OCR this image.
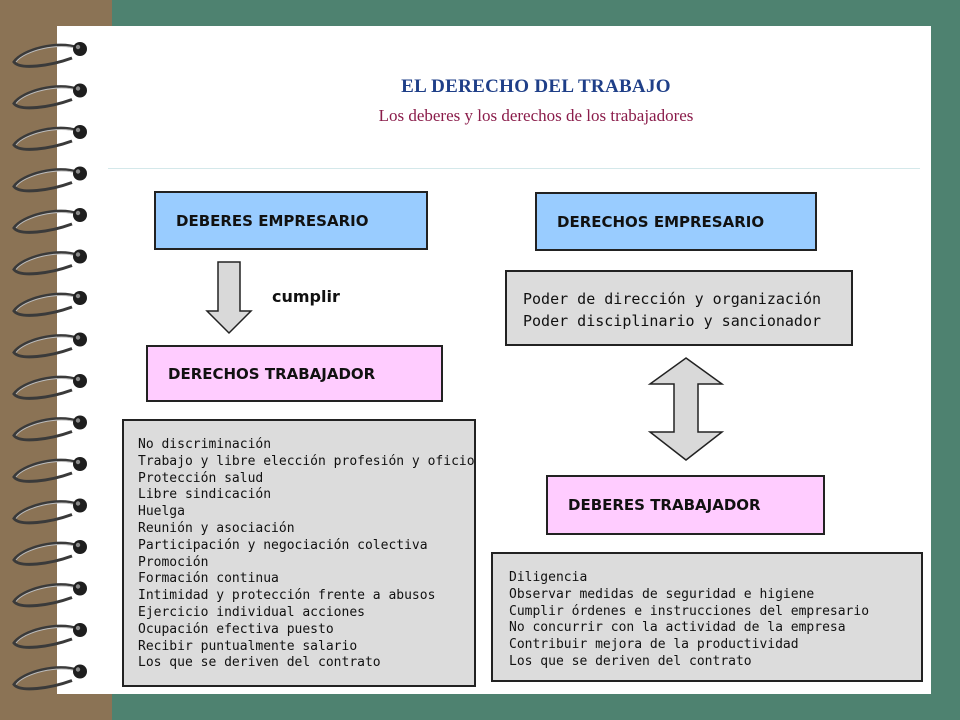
EL DERECHO DEL TRABAJO
Los deberes y los derechos de los trabajadores
DEBERES EMPRESARIO
cumplir
DERECHOS TRABAJADOR
No discriminación
Trabajo y libre elección profesión y oficio
Protección salud
Libre sindicación
Huelga
Reunión y asociación
Participación y negociación colectiva
Promoción
Formación continua
Intimidad y protección frente a abusos
Ejercicio individual acciones
Ocupación efectiva puesto
Recibir puntualmente salario
Los que se deriven del contrato
DERECHOS EMPRESARIO
Poder de dirección y organización
Poder disciplinario y sancionador
DEBERES TRABAJADOR
Diligencia
Observar medidas de seguridad e higiene
Cumplir órdenes e instrucciones del empresario
No concurrir con la actividad de la empresa
Contribuir mejora de la productividad
Los que se deriven del contrato
